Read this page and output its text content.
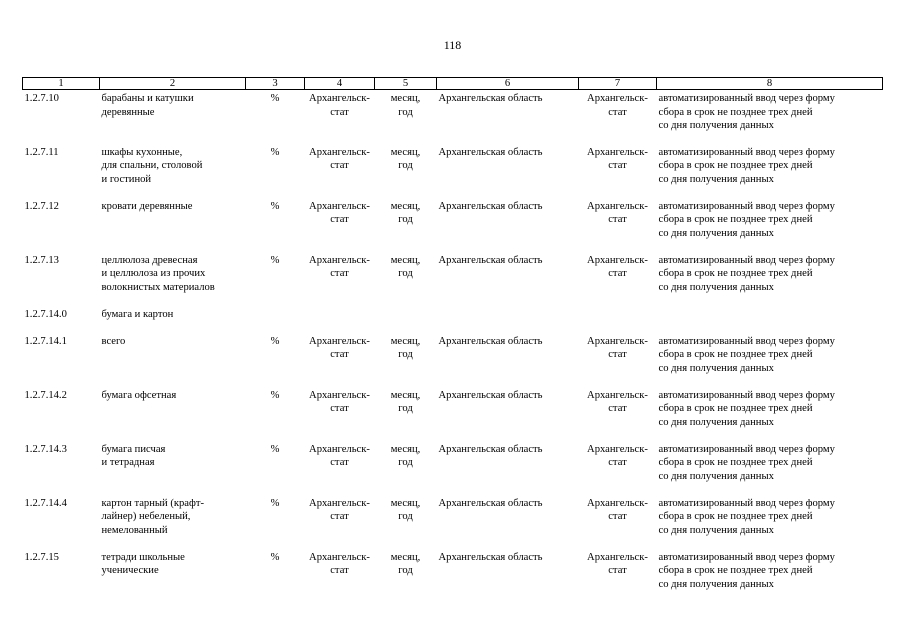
118
1	2	3	4	5	6	7	8
1.2.7.10	барабаны и катушки
деревянные	%	Архангельск-
стат	месяц,
год	Архангельская область	Архангельск-
стат	автоматизированный ввод через форму
сбора в срок не позднее трех дней
со дня получения данных
1.2.7.11	шкафы кухонные,
для спальни, столовой
и гостиной	%	Архангельск-
стат	месяц,
год	Архангельская область	Архангельск-
стат	автоматизированный ввод через форму
сбора в срок не позднее трех дней
со дня получения данных
1.2.7.12	кровати деревянные	%	Архангельск-
стат	месяц,
год	Архангельская область	Архангельск-
стат	автоматизированный ввод через форму
сбора в срок не позднее трех дней
со дня получения данных
1.2.7.13	целлюлоза древесная
и целлюлоза из прочих
волокнистых материалов	%	Архангельск-
стат	месяц,
год	Архангельская область	Архангельск-
стат	автоматизированный ввод через форму
сбора в срок не позднее трех дней
со дня получения данных
1.2.7.14.0	бумага и картон						
1.2.7.14.1	всего	%	Архангельск-
стат	месяц,
год	Архангельская область	Архангельск-
стат	автоматизированный ввод через форму
сбора в срок не позднее трех дней
со дня получения данных
1.2.7.14.2	бумага офсетная	%	Архангельск-
стат	месяц,
год	Архангельская область	Архангельск-
стат	автоматизированный ввод через форму
сбора в срок не позднее трех дней
со дня получения данных
1.2.7.14.3	бумага писчая
и тетрадная	%	Архангельск-
стат	месяц,
год	Архангельская область	Архангельск-
стат	автоматизированный ввод через форму
сбора в срок не позднее трех дней
со дня получения данных
1.2.7.14.4	картон тарный (крафт-
лайнер) небеленый,
немелованный	%	Архангельск-
стат	месяц,
год	Архангельская область	Архангельск-
стат	автоматизированный ввод через форму
сбора в срок не позднее трех дней
со дня получения данных
1.2.7.15	тетради школьные
ученические	%	Архангельск-
стат	месяц,
год	Архангельская область	Архангельск-
стат	автоматизированный ввод через форму
сбора в срок не позднее трех дней
со дня получения данных
